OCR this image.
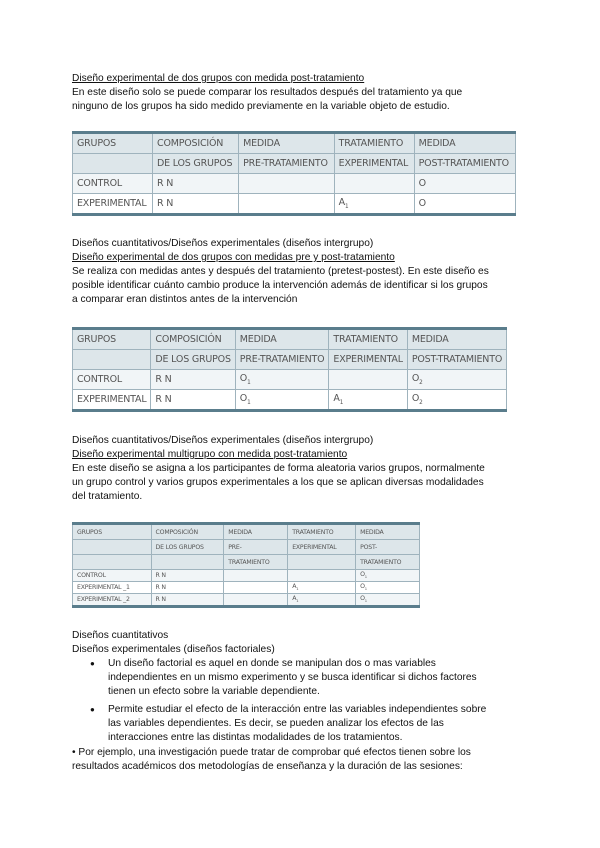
Diseño experimental de dos grupos con medida post-tratamiento
En este diseño solo se puede comparar los resultados después del tratamiento ya que
ninguno de los grupos ha sido medido previamente en la variable objeto de estudio.
GRUPOS	COMPOSICIÓN	MEDIDA	TRATAMIENTO	MEDIDA
	DE LOS GRUPOS	PRE-TRATAMIENTO	EXPERIMENTAL	POST-TRATAMIENTO
CONTROL	R N			O
EXPERIMENTAL	R N		$A_1$	O
Diseños cuantitativos/Diseños experimentales (diseños intergrupo)
Diseño experimental de dos grupos con medidas pre y post-tratamiento
Se realiza con medidas antes y después del tratamiento (pretest-postest). En este diseño es
posible identificar cuánto cambio produce la intervención además de identificar si los grupos
a comparar eran distintos antes de la intervención
GRUPOS	COMPOSICIÓN	MEDIDA	TRATAMIENTO	MEDIDA
	DE LOS GRUPOS	PRE-TRATAMIENTO	EXPERIMENTAL	POST-TRATAMIENTO
CONTROL	R N	$O_1$		$O_2$
EXPERIMENTAL	R N	$O_1$	$A_1$	$O_2$
Diseños cuantitativos/Diseños experimentales (diseños intergrupo)
Diseño experimental multigrupo con medida post-tratamiento
En este diseño se asigna a los participantes de forma aleatoria varios grupos, normalmente
un grupo control y varios grupos experimentales a los que se aplican diversas modalidades
del tratamiento.
GRUPOS	COMPOSICIÓN	MEDIDA	TRATAMIENTO	MEDIDA
	DE LOS GRUPOS	PRE-	EXPERIMENTAL	POST-
		TRATAMIENTO		TRATAMIENTO
CONTROL	R N			$O_1$
EXPERIMENTAL _1	R N		$A_1$	$O_1$
EXPERIMENTAL _2	R N		$A_1$	$O_1$
Diseños cuantitativos
Diseños experimentales (diseños factoriales)
●	Un diseño factorial es aquel en donde se manipulan dos o mas variables
independientes en un mismo experimento y se busca identificar si dichos factores
tienen un efecto sobre la variable dependiente.
●	Permite estudiar el efecto de la interacción entre las variables independientes sobre
las variables dependientes. Es decir, se pueden analizar los efectos de las
interacciones entre las distintas modalidades de los tratamientos.
• Por ejemplo, una investigación puede tratar de comprobar qué efectos tienen sobre los
resultados académicos dos metodologías de enseñanza y la duración de las sesiones:
